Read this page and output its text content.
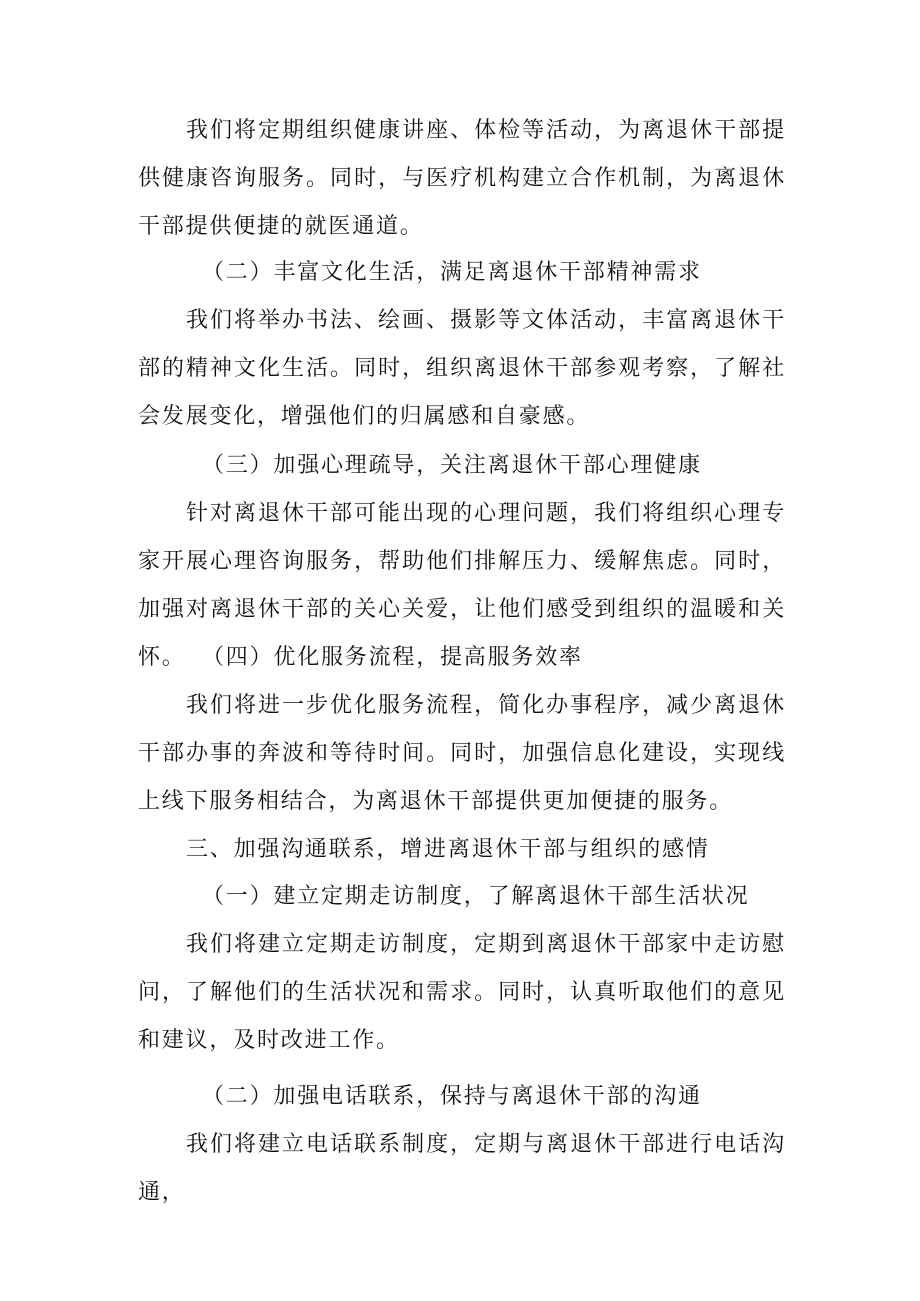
我们将定期组织健康讲座、体检等活动，为离退休干部提供健康咨询服务。同时，与医疗机构建立合作机制，为离退休干部提供便捷的就医通道。

（二）丰富文化生活，满足离退休干部精神需求

我们将举办书法、绘画、摄影等文体活动，丰富离退休干部的精神文化生活。同时，组织离退休干部参观考察，了解社会发展变化，增强他们的归属感和自豪感。

（三）加强心理疏导，关注离退休干部心理健康

针对离退休干部可能出现的心理问题，我们将组织心理专家开展心理咨询服务，帮助他们排解压力、缓解焦虑。同时，加强对离退休干部的关心关爱，让他们感受到组织的温暖和关怀。 （四）优化服务流程，提高服务效率

我们将进一步优化服务流程，简化办事程序，减少离退休干部办事的奔波和等待时间。同时，加强信息化建设，实现线上线下服务相结合，为离退休干部提供更加便捷的服务。

三、加强沟通联系，增进离退休干部与组织的感情

（一）建立定期走访制度，了解离退休干部生活状况

我们将建立定期走访制度，定期到离退休干部家中走访慰问，了解他们的生活状况和需求。同时，认真听取他们的意见和建议，及时改进工作。

（二）加强电话联系，保持与离退休干部的沟通

我们将建立电话联系制度，定期与离退休干部进行电话沟通，
